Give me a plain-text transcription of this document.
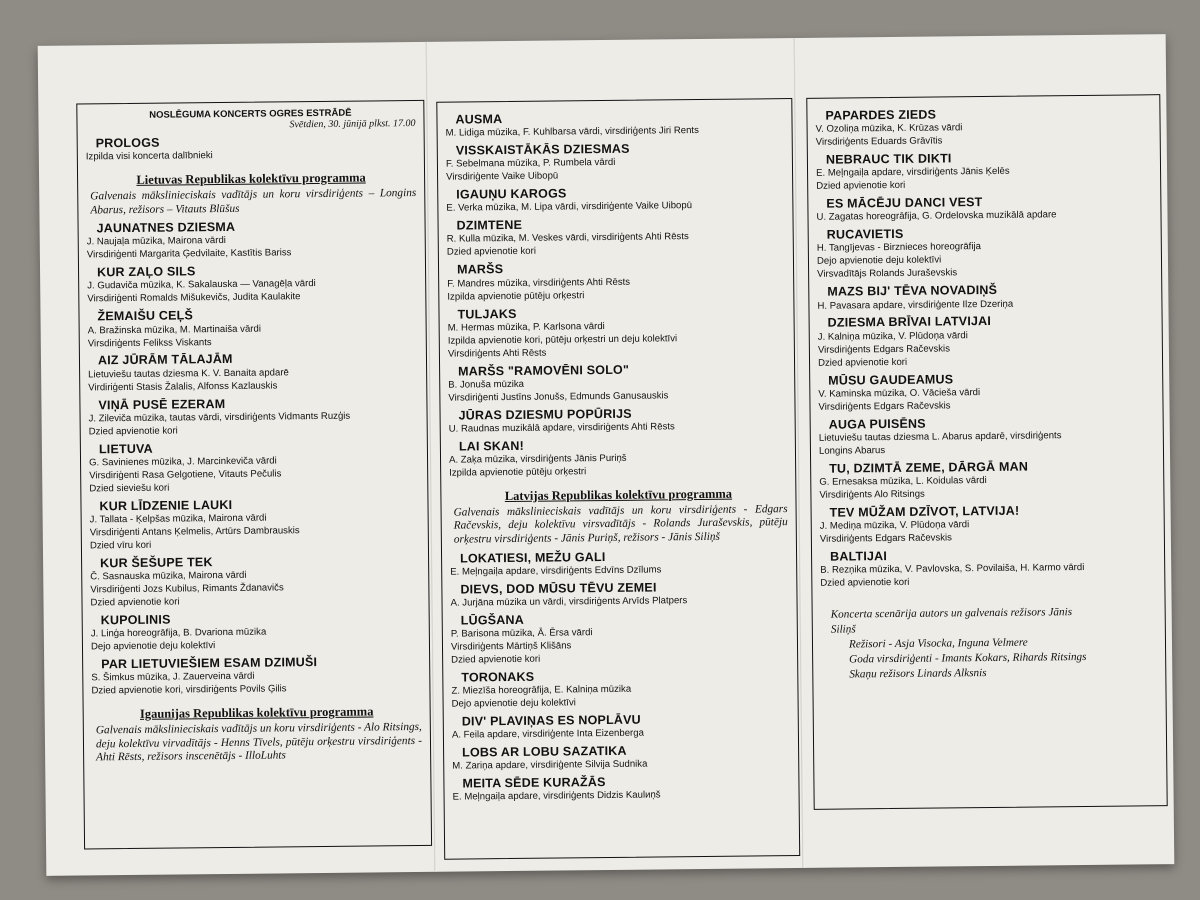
NOSLĒGUMA KONCERTS OGRES ESTRĀDĒ

Svētdien, 30. jūnijā plkst. 17.00

PROLOGS

Izpilda visi koncerta dalībnieki

Lietuvas Republikas kolektīvu programma

Galvenais mākslinieciskais vadītājs un koru virsdiriģents – Longins Abarus, režisors – Vitauts Blūšus

JAUNATNES DZIESMA

J. Naujaļa mūzika, Maironа vārdi

Virsdiriģenti Margarita Ģedvilaite, Kastītis Bariss

KUR ZAĻO SILS

J. Gudavičа mūzika, K. Sakalauska — Vanagēļa vārdi

Virsdiriģenti Romalds Mišukevičs, Judita Kaulakite

ŽEMAIŠU CEĻŠ

A. Bražinska mūzika, M. Martinaiša vārdi

Virsdiriģents Felikss Viskants

AIZ JŪRĀM TĀLAJĀM

Lietuviešu tautas dziesma K. V. Banaita apdarē

Virdiriģenti Stasis Žalalis, Alfonss Kazlauskis

VIŅĀ PUSĒ EZERAM

J. Zilevičа mūzika, tautas vārdi, virsdiriģents Vidmants Ruzģis

Dzied apvienotie kori

LIETUVA

G. Savinienes mūzika, J. Marcinkeviča vārdi

Virsdiriģenti Rasa Gelgotiene, Vitauts Pečulis

Dzied sieviešu kori

KUR LĪDZENIE LAUKI

J. Tallata - Ķelpšas mūzika, Maironа vārdi

Virsdiriģenti Antans Ķelmelis, Artūrs Dambrauskis

Dzied vīru kori

KUR ŠEŠUPE TEK

Č. Sasnauska mūzika, Maironа vārdi

Virsdiriģenti Jozs Kubilus, Rimants Ždanavičs

Dzied apvienotie kori

KUPOLINIS

J. Linģa horeogrāfija, B. Dvariona mūzika

Dejo apvienotie deju kolektīvi

PAR LIETUVIEŠIEM ESAM DZIMUŠI

S. Šimkus mūzika, J. Zauerveina vārdi

Dzied apvienotie kori, virsdiriģents Povils Ģilis

Igaunijas Republikas kolektīvu programma

Galvenais mākslinieciskais vadītājs un koru virsdiriģents - Alo Ritsings, deju kolektīvu virvadītājs - Henns Tīvels, pūtēju orķestru virsdiriģents - Ahti Rēsts, režisors inscenētājs - IlloLuhts

AUSMA

M. Lidiga mūzika, F. Kuhlbarsa vārdi, virsdiriģents Jiri Rents

VISSKAISTĀKĀS DZIESMAS

F. Sebelmana mūzika, P. Rumbela vārdi

Virsdiriģente Vaike Uiboрū

IGAUŅU KAROGS

E. Verka mūzika, M. Lipa vārdi, virsdiriģente Vaike Uiboрū

DZIMTENE

R. Kulla mūzika, M. Veskes vārdi, virsdiriģents Ahti Rēsts

Dzied apvienotie kori

MARŠS

F. Mandres mūzika, virsdiriģents Ahti Rēsts

Izpilda apvienotie pūtēju orķestri

TULJAKS

M. Hermas mūzika, P. Karlsona vārdi

Izpilda apvienotie kori, pūtēju orķestri un deju kolektīvi

Virsdiriģents Ahti Rēsts

MARŠS "RAMOVĒNI SOLO"

B. Jonuša mūzika

Virsdiriģenti Justīns Jonušs, Edmunds Ganusauskis

JŪRAS DZIESMU POPŪRIJS

U. Raudnas muzikālā apdare, virsdiriģents Ahti Rēsts

LAI SKAN!

A. Zaķa mūzika, virsdiriģents Jānis Puriņš

Izpilda apvienotie pūtēju orķestri

Latvijas Republikas kolektīvu programma

Galvenais mākslinieciskais vadītājs un koru virsdiriģents - Edgars Račevskis, deju kolektīvu virsvadītājs - Rolands Juraševskis, pūtēju orķestru virsdiriģents - Jānis Puriņš, režisors - Jānis Siliņš

LOKATIESI, MEŽU GALI

E. Meļngaiļa apdare, virsdiriģents Edvīns Dzīlums

DIEVS, DOD MŪSU TĒVU ZEMEI

A. Jurjāna mūzika un vārdi, virsdiriģents Arvīds Platpers

LŪGŠANA

P. Barisona mūzika, Ā. Ērsa vārdi

Virsdiriģents Mārtiņš Klišāns

Dzied apvienotie kori

TORONAKS

Z. Miezīša horeogrāfija, E. Kalniņa mūzika

Dejo apvienotie deju kolektīvi

DIV' PLAVIŅAS ES NOPLĀVU

A. Feila apdare, virsdiriģente Inta Eizenberga

LOBS AR LOBU SAZATIKA

M. Zariņa apdare, virsdiriģente Silvija Sudnika

MEITA SĒDE KURAŽĀS

E. Meļngaiļa apdare, virsdiriģents Didzis Kaulиņš

PAPARDES ZIEDS

V. Ozoliņa mūzika, K. Krūzas vārdi

Virsdiriģents Eduards Grāvītis

NEBRAUC TIK DIKTI

E. Meļngaiļa apdare, virsdiriģents Jānis Ķelēs

Dzied apvienotie kori

ES MĀCĒJU DANCI VEST

U. Zagatas horeogrāfija, G. Ordelovska muzikālā apdare

RUCAVIETIS

H. Tangījevas - Birznieces horeogrāfija

Dejo apvienotie deju kolektīvi

Virsvadītājs Rolands Juraševskis

MAZS BIJ' TĒVA NOVADIŅŠ

H. Pavasara apdare, virsdiriģente Ilze Dzeriņa

DZIESMA BRĪVAI LATVIJAI

J. Kalniņa mūzika, V. Plūdoņa vārdi

Virsdiriģents Edgars Račevskis

Dzied apvienotie kori

MŪSU GAUDEAMUS

V. Kaminska mūzika, O. Vācieša vārdi

Virsdiriģents Edgars Račevskis

AUGA PUISĒNS

Lietuviešu tautas dziesma L. Abarus apdarē, virsdiriģents

Longins Abarus

TU, DZIMTĀ ZEME, DĀRGĀ MAN

G. Ernesaksa mūzika, L. Koidulas vārdi

Virsdiriģents Alo Ritsings

TEV MŪŽAM DZĪVOT, LATVIJA!

J. Mediņa mūzika, V. Plūdoņa vārdi

Virsdiriģents Edgars Račevskis

BALTIJAI

B. Rezņika mūzika, V. Pavlovska, S. Povilaiša, H. Karmo vārdi

Dzied apvienotie kori

Koncerta scenārija autors un galvenais režisors Jānis

Siliņš

Režisori - Asja Visocka, Inguna Velmere

Goda virsdiriģenti - Imants Kokars, Rihards Ritsings

Skaņu režisors Linards Alksnis
